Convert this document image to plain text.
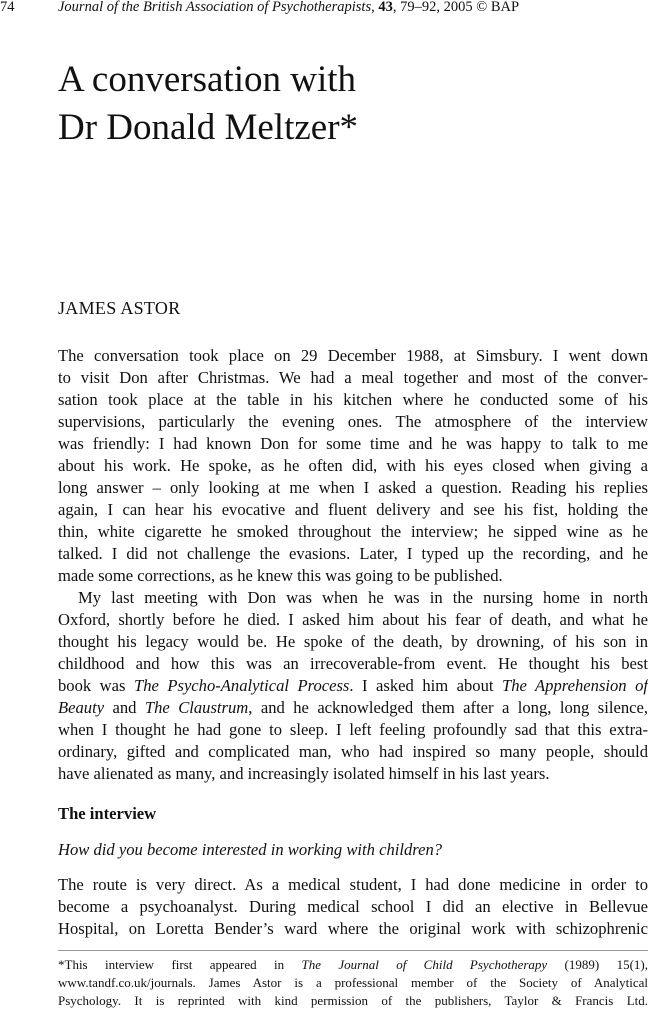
74	Journal of the British Association of Psychotherapists, 43, 79–92, 2005 © BAP
A conversation with
Dr Donald Meltzer*
JAMES ASTOR
The conversation took place on 29 December 1988, at Simsbury. I went down
to visit Don after Christmas. We had a meal together and most of the conver-
sation took place at the table in his kitchen where he conducted some of his
supervisions, particularly the evening ones. The atmosphere of the interview
was friendly: I had known Don for some time and he was happy to talk to me
about his work. He spoke, as he often did, with his eyes closed when giving a
long answer – only looking at me when I asked a question. Reading his replies
again, I can hear his evocative and fluent delivery and see his fist, holding the
thin, white cigarette he smoked throughout the interview; he sipped wine as he
talked. I did not challenge the evasions. Later, I typed up the recording, and he
made some corrections, as he knew this was going to be published.
My last meeting with Don was when he was in the nursing home in north
Oxford, shortly before he died. I asked him about his fear of death, and what he
thought his legacy would be. He spoke of the death, by drowning, of his son in
childhood and how this was an irrecoverable-from event. He thought his best
book was The Psycho-Analytical Process. I asked him about The Apprehension of
Beauty and The Claustrum, and he acknowledged them after a long, long silence,
when I thought he had gone to sleep. I left feeling profoundly sad that this extra-
ordinary, gifted and complicated man, who had inspired so many people, should
have alienated as many, and increasingly isolated himself in his last years.
The interview
How did you become interested in working with children?
The route is very direct. As a medical student, I had done medicine in order to
become a psychoanalyst. During medical school I did an elective in Bellevue
Hospital, on Loretta Bender’s ward where the original work with schizophrenic
*This interview first appeared in The Journal of Child Psychotherapy (1989) 15(1),
www.tandf.co.uk/journals. James Astor is a professional member of the Society of Analytical
Psychology. It is reprinted with kind permission of the publishers, Taylor & Francis Ltd.
